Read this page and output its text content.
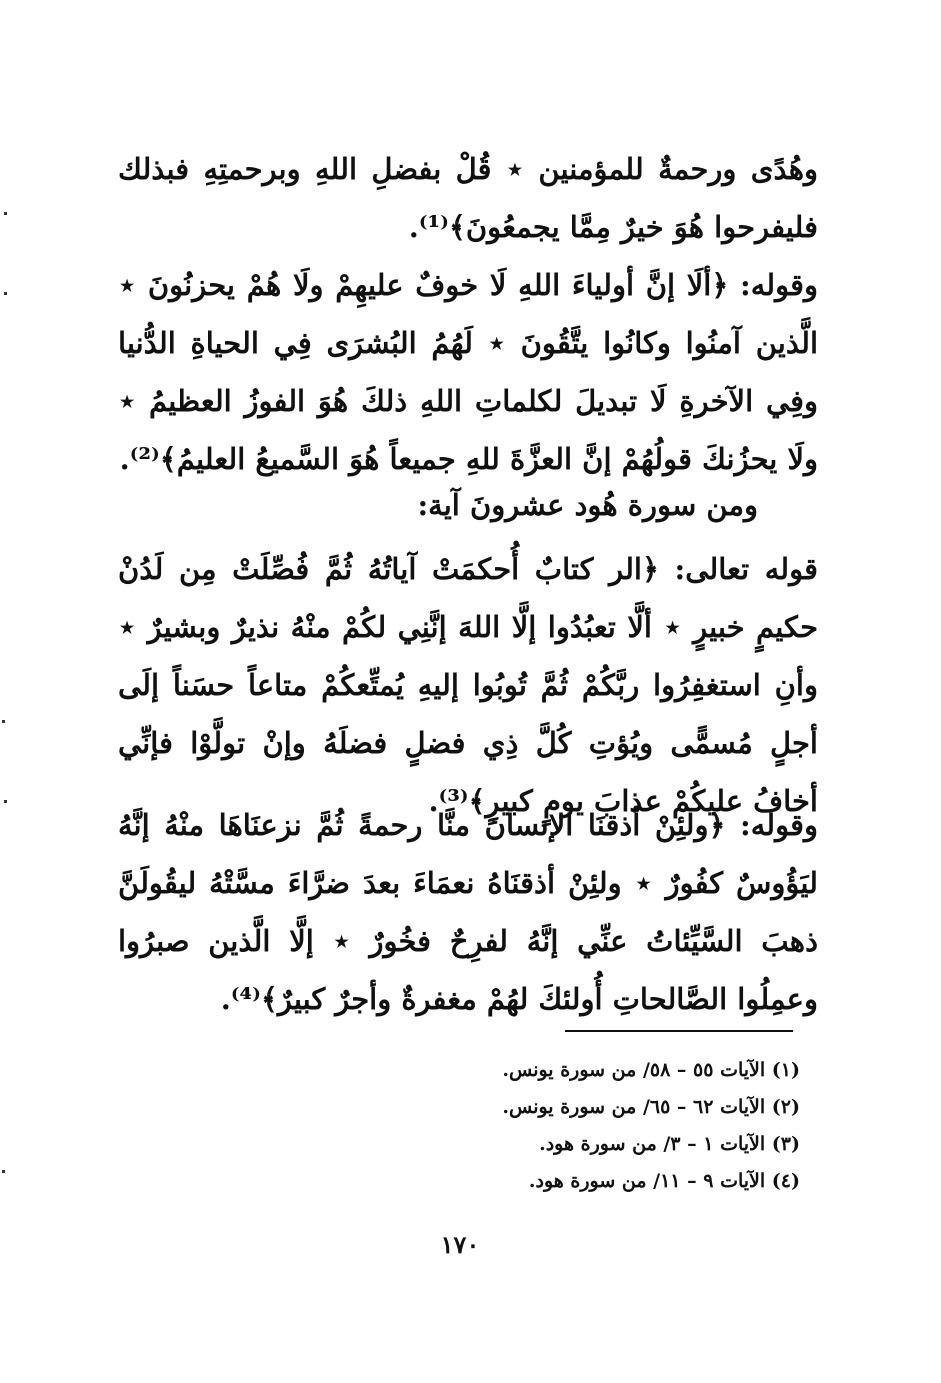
وهُدًى ورحمةٌ للمؤمنين ⋆ قُلْ بفضلِ اللهِ وبرحمتِهِ فبذلك فليفرحوا هُوَ خيرٌ مِمَّا يجمعُونَ﴾⁽¹⁾.
وقوله: ﴿ألَا إنَّ أولياءَ اللهِ لَا خوفٌ عليهِمْ ولَا هُمْ يحزنُونَ ⋆ الَّذين آمنُوا وكانُوا يتَّقُونَ ⋆ لَهُمُ البُشرَى فِي الحياةِ الدُّنيا وفِي الآخرةِ لَا تبديلَ لكلماتِ اللهِ ذلكَ هُوَ الفوزُ العظيمُ ⋆ ولَا يحزُنكَ قولُهُمْ إنَّ العزَّةَ للهِ جميعاً هُوَ السَّميعُ العليمُ﴾⁽²⁾.
ومن سورة هُود عشرونَ آية:
قوله تعالى: ﴿الر كتابٌ أُحكمَتْ آياتُهُ ثُمَّ فُصِّلَتْ مِن لَدُنْ حكيمٍ خبيرٍ ⋆ ألَّا تعبُدُوا إلَّا اللهَ إنَّنِي لكُمْ منْهُ نذيرٌ وبشيرٌ ⋆ وأنِ استغفِرُوا ربَّكُمْ ثُمَّ تُوبُوا إليهِ يُمتِّعكُمْ متاعاً حسَناً إلَى أجلٍ مُسمًّى ويُؤتِ كُلَّ ذِي فضلٍ فضلَهُ وإنْ تولَّوْا فإنِّي أخافُ عليكُمْ عذابَ يومٍ كبيرٍ﴾⁽³⁾.
وقوله: ﴿ولئِنْ أذقنَا الإنسانَ منَّا رحمةً ثُمَّ نزعنَاهَا منْهُ إنَّهُ ليَؤُوسٌ كفُورٌ ⋆ ولئِنْ أذقنَاهُ نعمَاءَ بعدَ ضرَّاءَ مسَّتْهُ ليقُولَنَّ ذهبَ السَّيِّئاتُ عنِّي إنَّهُ لفرِحٌ فخُورٌ ⋆ إلَّا الَّذين صبرُوا وعمِلُوا الصَّالحاتِ أُولئكَ لهُمْ مغفرةٌ وأجرٌ كبيرٌ﴾⁽⁴⁾.
(١) الآيات ٥٥ – ٥٨/ من سورة يونس.
(٢) الآيات ٦٢ – ٦٥/ من سورة يونس.
(٣) الآيات ١ – ٣/ من سورة هود.
(٤) الآيات ٩ – ١١/ من سورة هود.
١٧٠
